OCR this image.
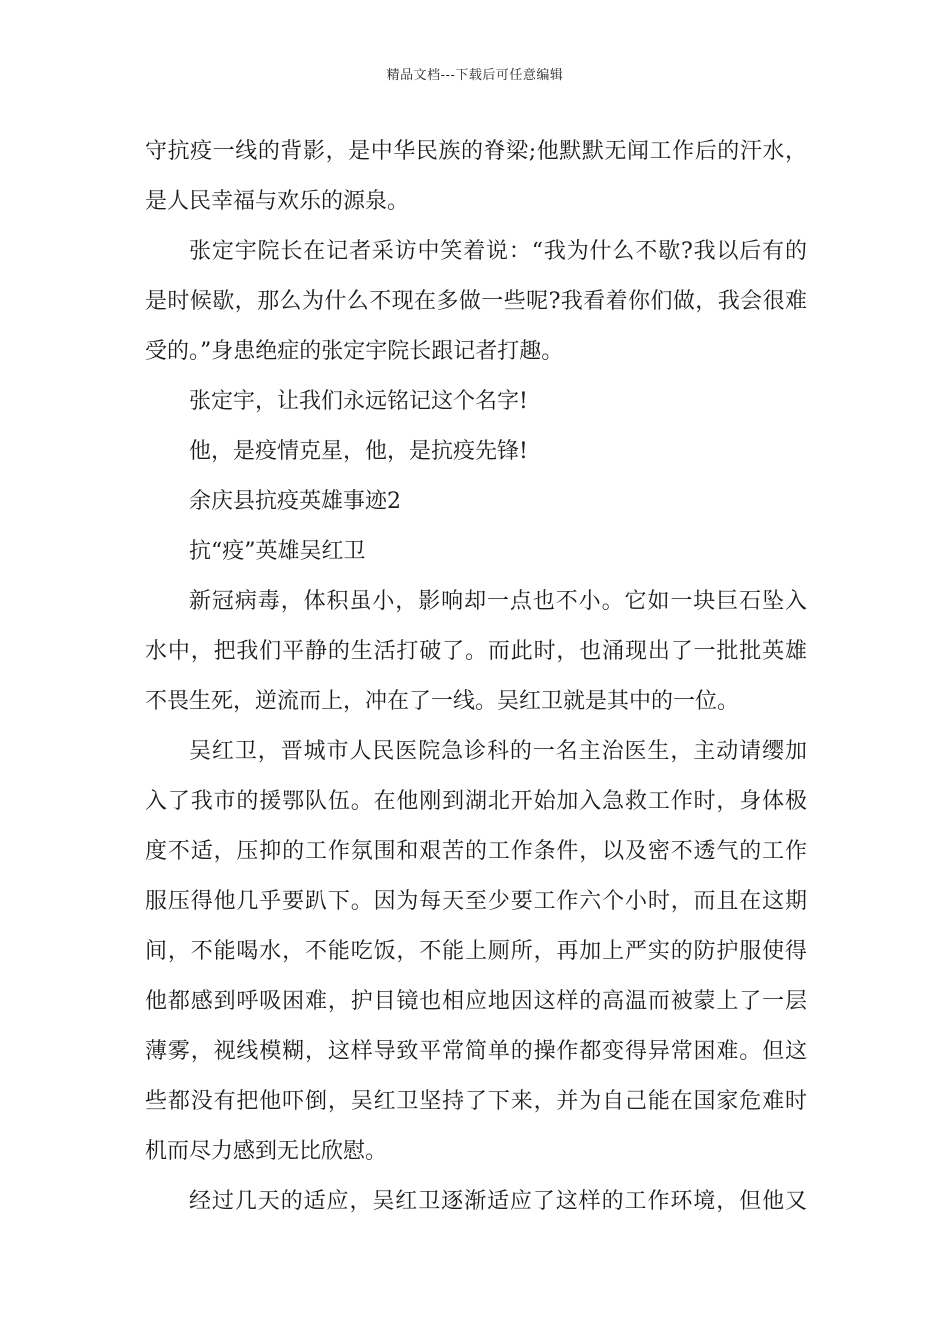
精品文档---下载后可任意编辑
守抗疫一线的背影，是中华民族的脊梁;他默默无闻工作后的汗水，
是人民幸福与欢乐的源泉。
张定宇院长在记者采访中笑着说：“我为什么不歇?我以后有的
是时候歇，那么为什么不现在多做一些呢?我看着你们做，我会很难
受的。”身患绝症的张定宇院长跟记者打趣。
张定宇，让我们永远铭记这个名字!
他，是疫情克星，他，是抗疫先锋!
余庆县抗疫英雄事迹2
抗“疫”英雄吴红卫
新冠病毒，体积虽小，影响却一点也不小。它如一块巨石坠入
水中，把我们平静的生活打破了。而此时，也涌现出了一批批英雄
不畏生死，逆流而上，冲在了一线。吴红卫就是其中的一位。
吴红卫，晋城市人民医院急诊科的一名主治医生，主动请缨加
入了我市的援鄂队伍。在他刚到湖北开始加入急救工作时，身体极
度不适，压抑的工作氛围和艰苦的工作条件，以及密不透气的工作
服压得他几乎要趴下。因为每天至少要工作六个小时，而且在这期
间，不能喝水，不能吃饭，不能上厕所，再加上严实的防护服使得
他都感到呼吸困难，护目镜也相应地因这样的高温而被蒙上了一层
薄雾，视线模糊，这样导致平常简单的操作都变得异常困难。但这
些都没有把他吓倒，吴红卫坚持了下来，并为自己能在国家危难时
机而尽力感到无比欣慰。
经过几天的适应，吴红卫逐渐适应了这样的工作环境，但他又
